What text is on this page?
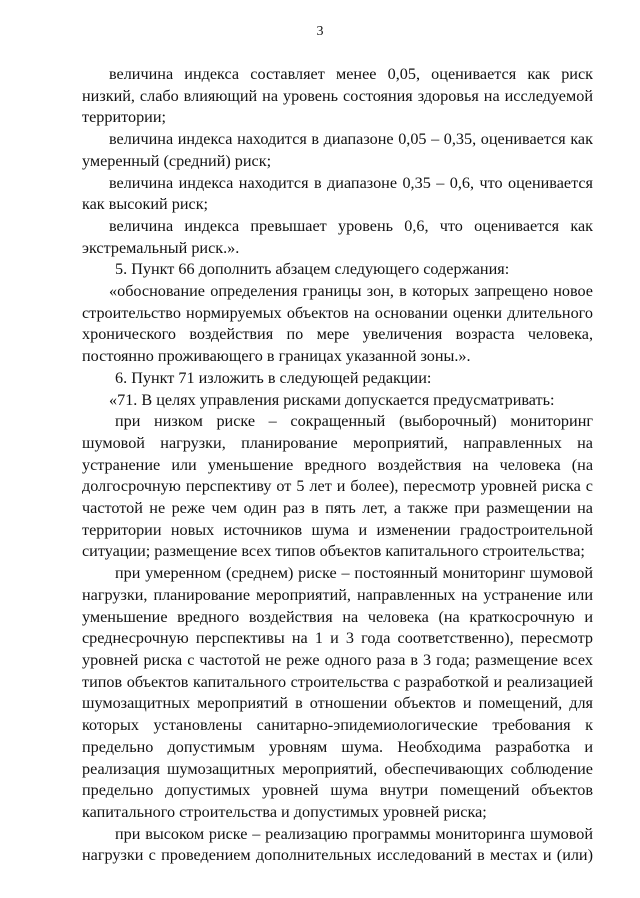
3

величина индекса составляет менее 0,05, оценивается как риск низкий, слабо влияющий на уровень состояния здоровья на исследуемой территории;

величина индекса находится в диапазоне 0,05 – 0,35, оценивается как умеренный (средний) риск;

величина индекса находится в диапазоне 0,35 – 0,6, что оценивается как высокий риск;

величина индекса превышает уровень 0,6, что оценивается как экстремальный риск.».

5. Пункт 66 дополнить абзацем следующего содержания:

«обоснование определения границы зон, в которых запрещено новое строительство нормируемых объектов на основании оценки длительного хронического воздействия по мере увеличения возраста человека, постоянно проживающего в границах указанной зоны.».

6. Пункт 71 изложить в следующей редакции:

«71. В целях управления рисками допускается предусматривать:

при низком риске – сокращенный (выборочный) мониторинг шумовой нагрузки, планирование мероприятий, направленных на устранение или уменьшение вредного воздействия на человека (на долгосрочную перспективу от 5 лет и более), пересмотр уровней риска с частотой не реже чем один раз в пять лет, а также при размещении на территории новых источников шума и изменении градостроительной ситуации; размещение всех типов объектов капитального строительства;

при умеренном (среднем) риске – постоянный мониторинг шумовой нагрузки, планирование мероприятий, направленных на устранение или уменьшение вредного воздействия на человека (на краткосрочную и среднесрочную перспективы на 1 и 3 года соответственно), пересмотр уровней риска с частотой не реже одного раза в 3 года; размещение всех типов объектов капитального строительства с разработкой и реализацией шумозащитных мероприятий в отношении объектов и помещений, для которых установлены санитарно-эпидемиологические требования к предельно допустимым уровням шума. Необходима разработка и реализация шумозащитных мероприятий, обеспечивающих соблюдение предельно допустимых уровней шума внутри помещений объектов капитального строительства и допустимых уровней риска;

при высоком риске – реализацию программы мониторинга шумовой нагрузки с проведением дополнительных исследований в местах и (или)
